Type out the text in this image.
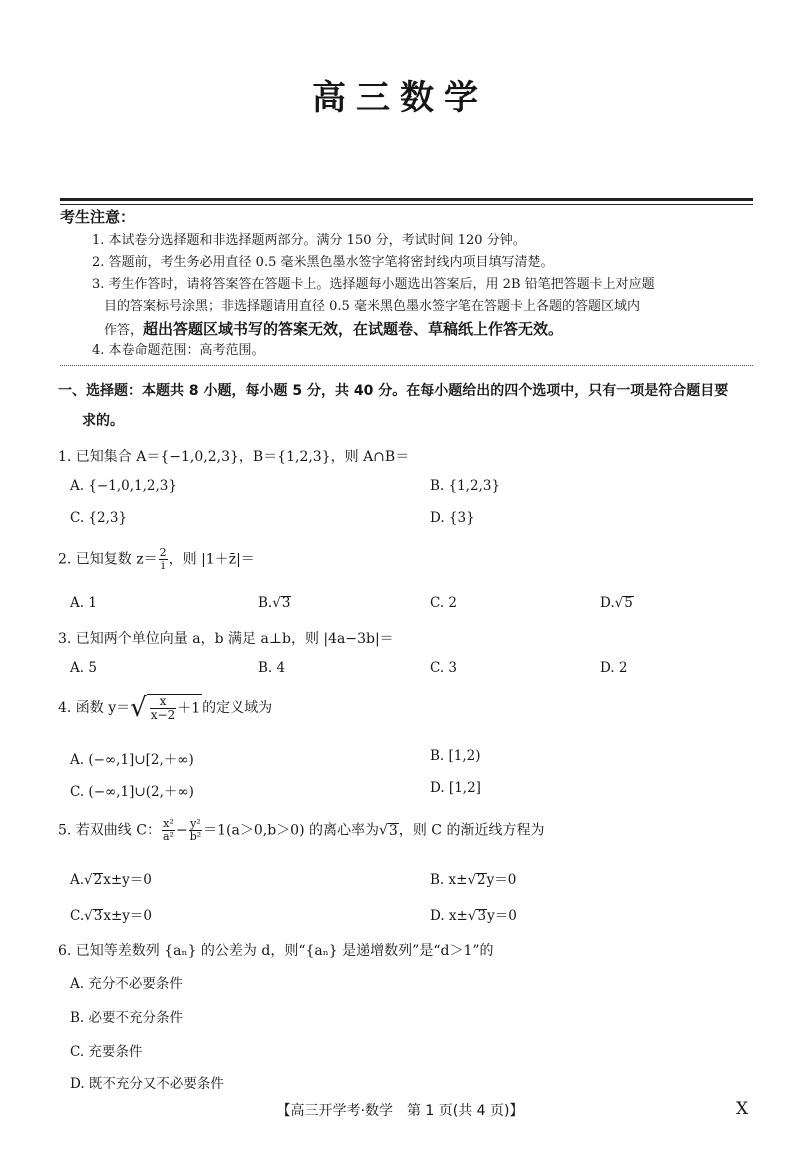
高三数学
考生注意：
1. 本试卷分选择题和非选择题两部分。满分 150 分，考试时间 120 分钟。
2. 答题前，考生务必用直径 0.5 毫米黑色墨水签字笔将密封线内项目填写清楚。
3. 考生作答时，请将答案答在答题卡上。选择题每小题选出答案后，用 2B 铅笔把答题卡上对应题
目的答案标号涂黑；非选择题请用直径 0.5 毫米黑色墨水签字笔在答题卡上各题的答题区域内
作答，超出答题区域书写的答案无效，在试题卷、草稿纸上作答无效。
4. 本卷命题范围：高考范围。
一、选择题：本题共 8 小题，每小题 5 分，共 40 分。在每小题给出的四个选项中，只有一项是符合题目要
求的。
1. 已知集合 A＝{−1,0,2,3}，B＝{1,2,3}，则 A∩B＝
A. {−1,0,1,2,3}	B. {1,2,3}
C. {2,3}	D. {3}
2. 已知复数 $z= \frac{2}{i}$ ，则 |1＋z̄|＝
A. 1	B.√3	C. 2	D.√5
3. 已知两个单位向量 a，b 满足 a⊥b，则 |4a−3b|＝
A. 5	B. 4	C. 3	D. 2
4. 函数 $y=√ \frac{x}{x-2} +1$ 的定义域为
A. (−∞,1]∪[2,＋∞)	B. [1,2)
C. (−∞,1]∪(2,＋∞)	D. [1,2]
5. 若双曲线 C： $\frac{\text{x²}}{\text{a²}} - \frac{\text{y²}}{\text{b²}} =1(a>0,b>0)$ 的离心率为√3，则 C 的渐近线方程为
A.√2x±y＝0	B. x±√2y＝0
C.√3x±y＝0	D. x±√3y＝0
6. 已知等差数列 {aₙ} 的公差为 d，则“{aₙ} 是递增数列”是“d＞1”的
A. 充分不必要条件
B. 必要不充分条件
C. 充要条件
D. 既不充分又不必要条件
【高三开学考·数学　第 1 页(共 4 页)】	X
